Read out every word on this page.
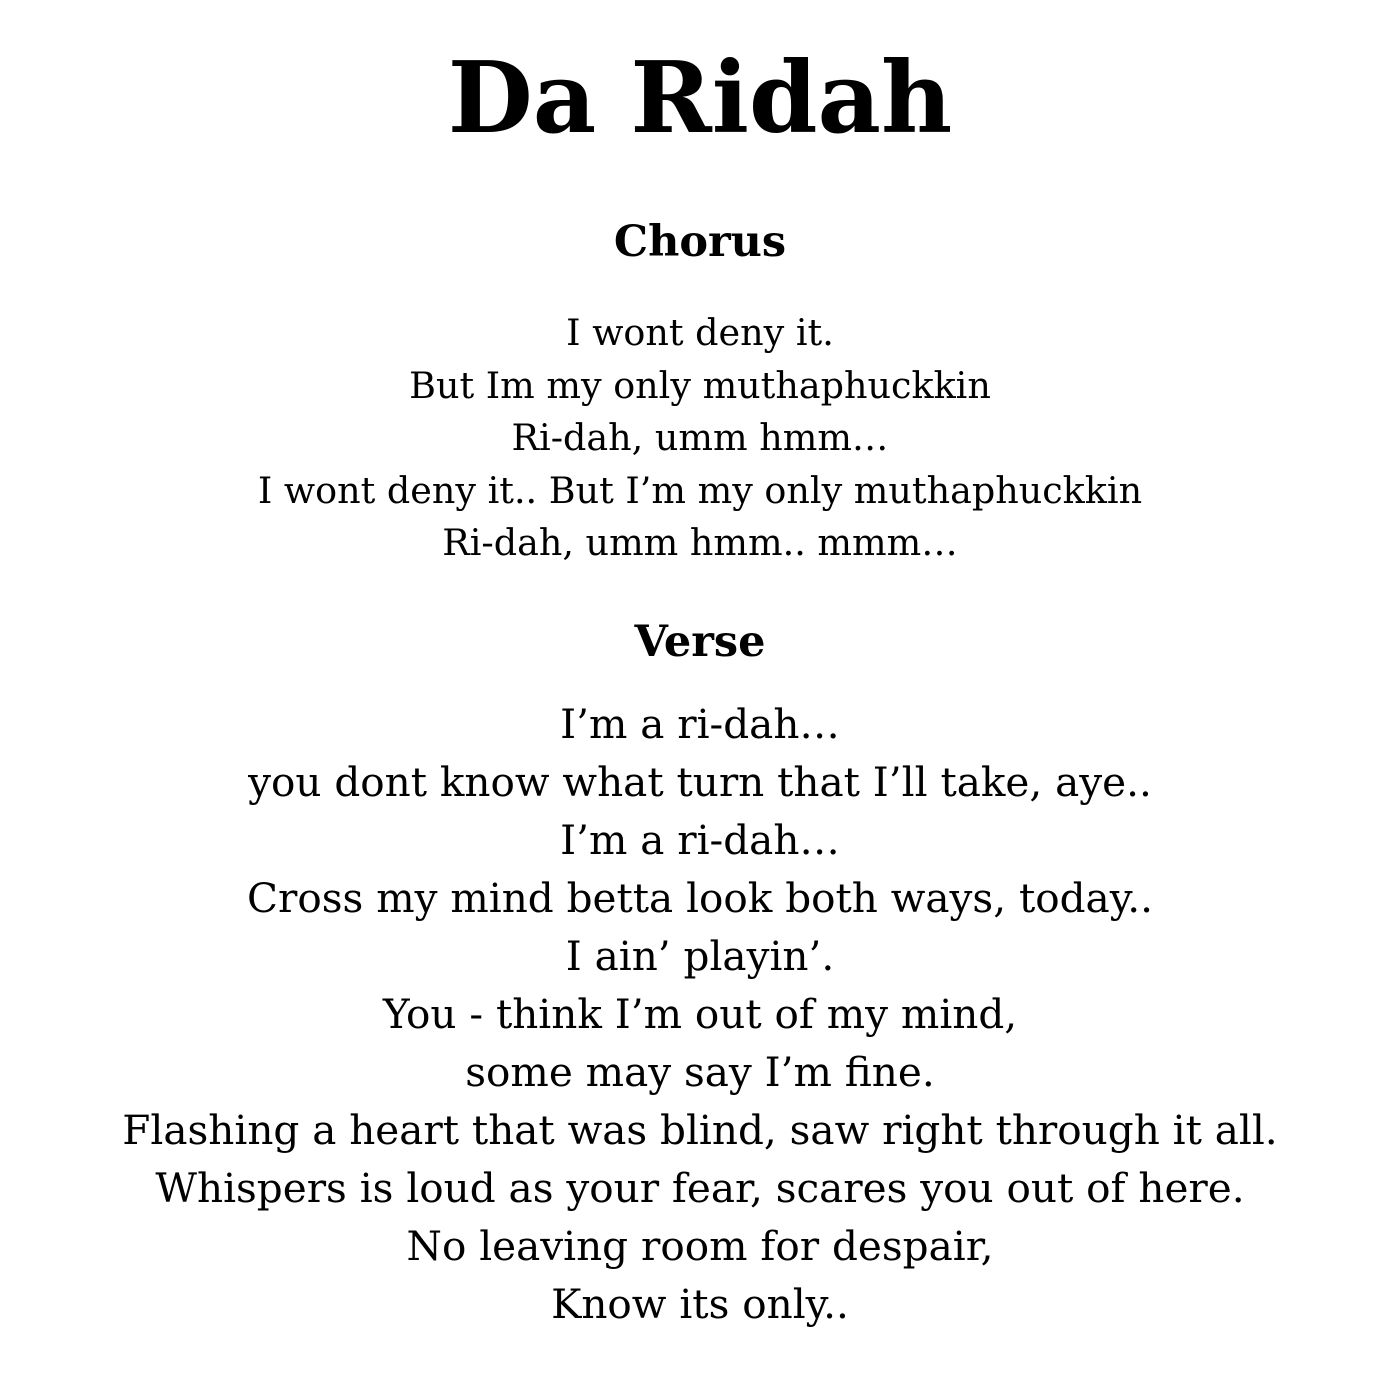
Da Ridah
Chorus
I wont deny it.
But Im my only muthaphuckkin
Ri-dah, umm hmm…
I wont deny it.. But I’m my only muthaphuckkin
Ri-dah, umm hmm.. mmm…
Verse
I’m a ri-dah…
you dont know what turn that I’ll take, aye..
I’m a ri-dah…
Cross my mind betta look both ways, today..
I ain’ playin’.
You - think I’m out of my mind,
some may say I’m fine.
Flashing a heart that was blind, saw right through it all.
Whispers is loud as your fear, scares you out of here.
No leaving room for despair,
Know its only..
